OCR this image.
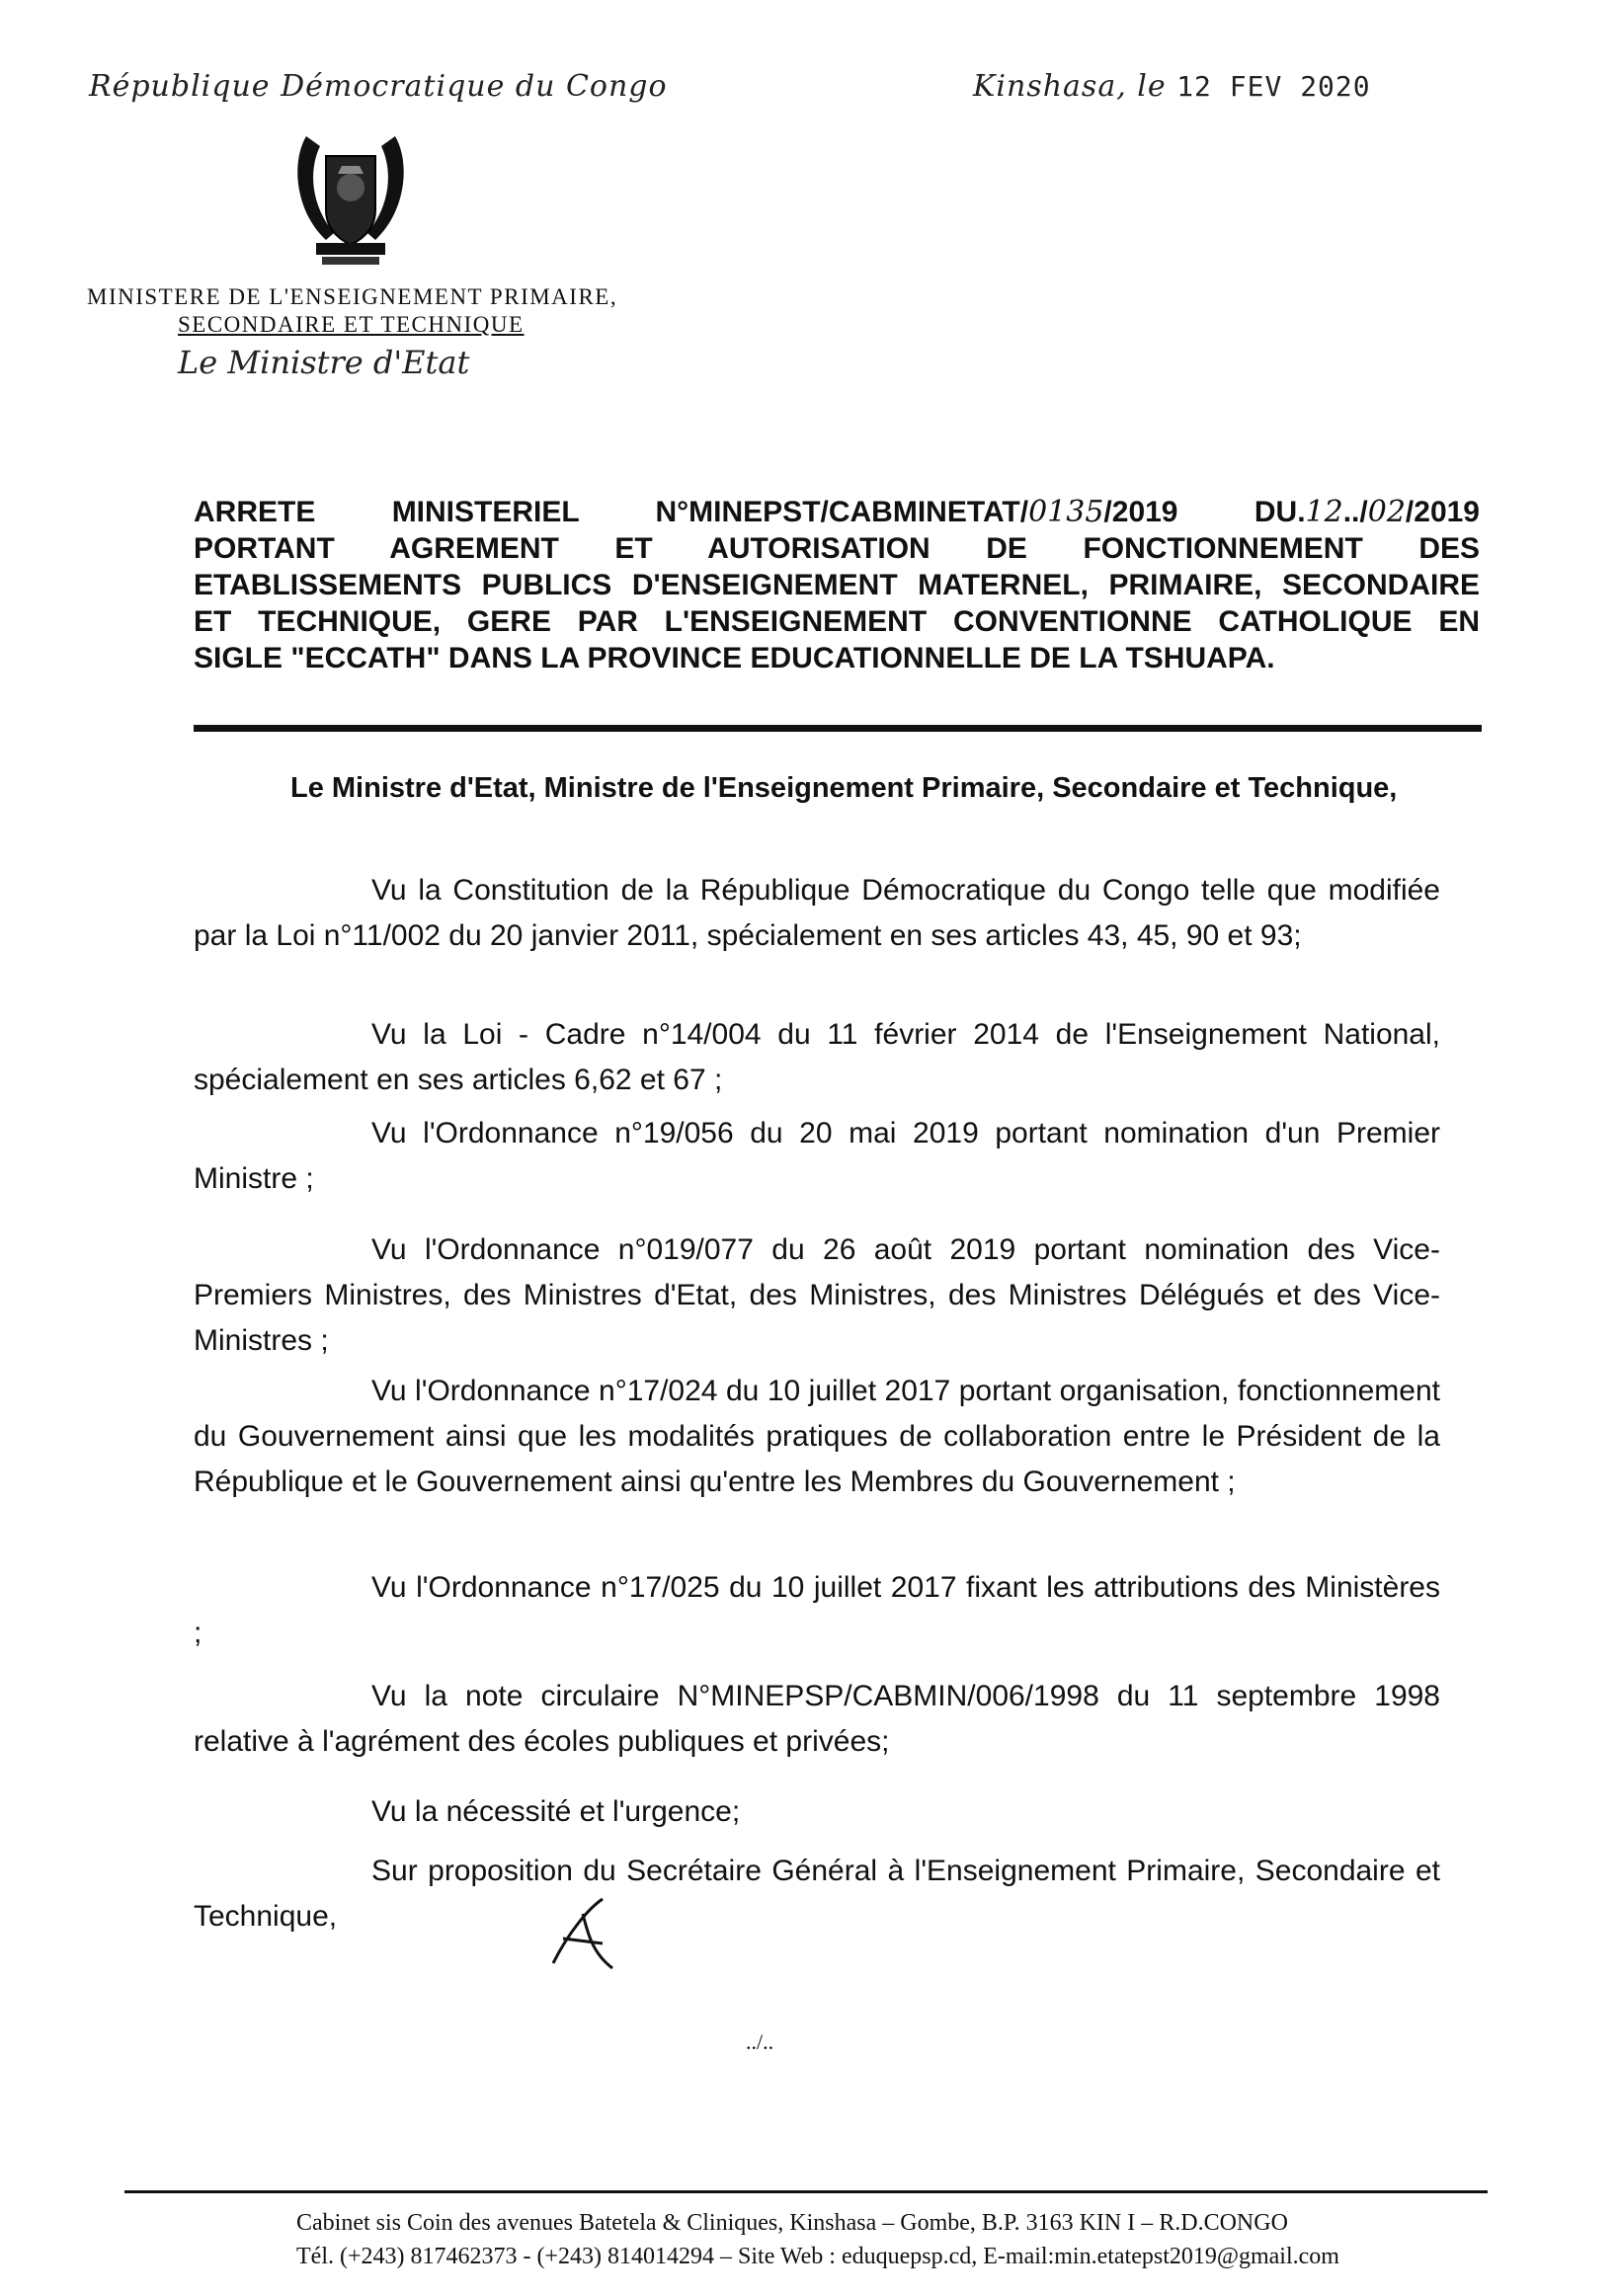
République Démocratique du Congo	Kinshasa, le 12 FEV 2020
MINISTERE DE L'ENSEIGNEMENT PRIMAIRE,
SECONDAIRE ET TECHNIQUE
Le Ministre d'Etat

ARRETE MINISTERIEL N°MINEPST/CABMINETAT/0135/2019	DU.12../02/2019

PORTANT AGREMENT ET AUTORISATION DE FONCTIONNEMENT DES

ETABLISSEMENTS PUBLICS D'ENSEIGNEMENT MATERNEL, PRIMAIRE, SECONDAIRE

ET TECHNIQUE, GERE PAR L'ENSEIGNEMENT CONVENTIONNE CATHOLIQUE EN

SIGLE "ECCATH" DANS LA PROVINCE EDUCATIONNELLE DE LA TSHUAPA.

Le Ministre d'Etat, Ministre de l'Enseignement Primaire, Secondaire et Technique,

Vu la Constitution de la République Démocratique du Congo telle que modifiée par la Loi n°11/002 du 20 janvier 2011, spécialement en ses articles 43, 45, 90 et 93;

Vu la Loi - Cadre n°14/004 du 11 février 2014 de l'Enseignement National, spécialement en ses articles 6,62 et 67 ;

Vu l'Ordonnance n°19/056 du 20 mai 2019 portant nomination d'un Premier Ministre ;

Vu l'Ordonnance n°019/077 du 26 août 2019 portant nomination des Vice-Premiers Ministres, des Ministres d'Etat, des Ministres, des Ministres Délégués et des Vice-Ministres ;

Vu l'Ordonnance n°17/024 du 10 juillet 2017 portant organisation, fonctionnement du Gouvernement ainsi que les modalités pratiques de collaboration entre le Président de la République et le Gouvernement ainsi qu'entre les Membres du Gouvernement ;

Vu l'Ordonnance n°17/025 du 10 juillet 2017 fixant les attributions des Ministères ;

Vu la note circulaire N°MINEPSP/CABMIN/006/1998 du 11 septembre 1998 relative à l'agrément des écoles publiques et privées;

Vu la nécessité et l'urgence;

Sur proposition du Secrétaire Général à l'Enseignement Primaire, Secondaire et Technique,

../..
Cabinet sis Coin des avenues Batetela & Cliniques, Kinshasa – Gombe, B.P. 3163 KIN I – R.D.CONGO
Tél. (+243) 817462373 - (+243) 814014294 – Site Web : eduquepsp.cd, E-mail:min.etatepst2019@gmail.com
